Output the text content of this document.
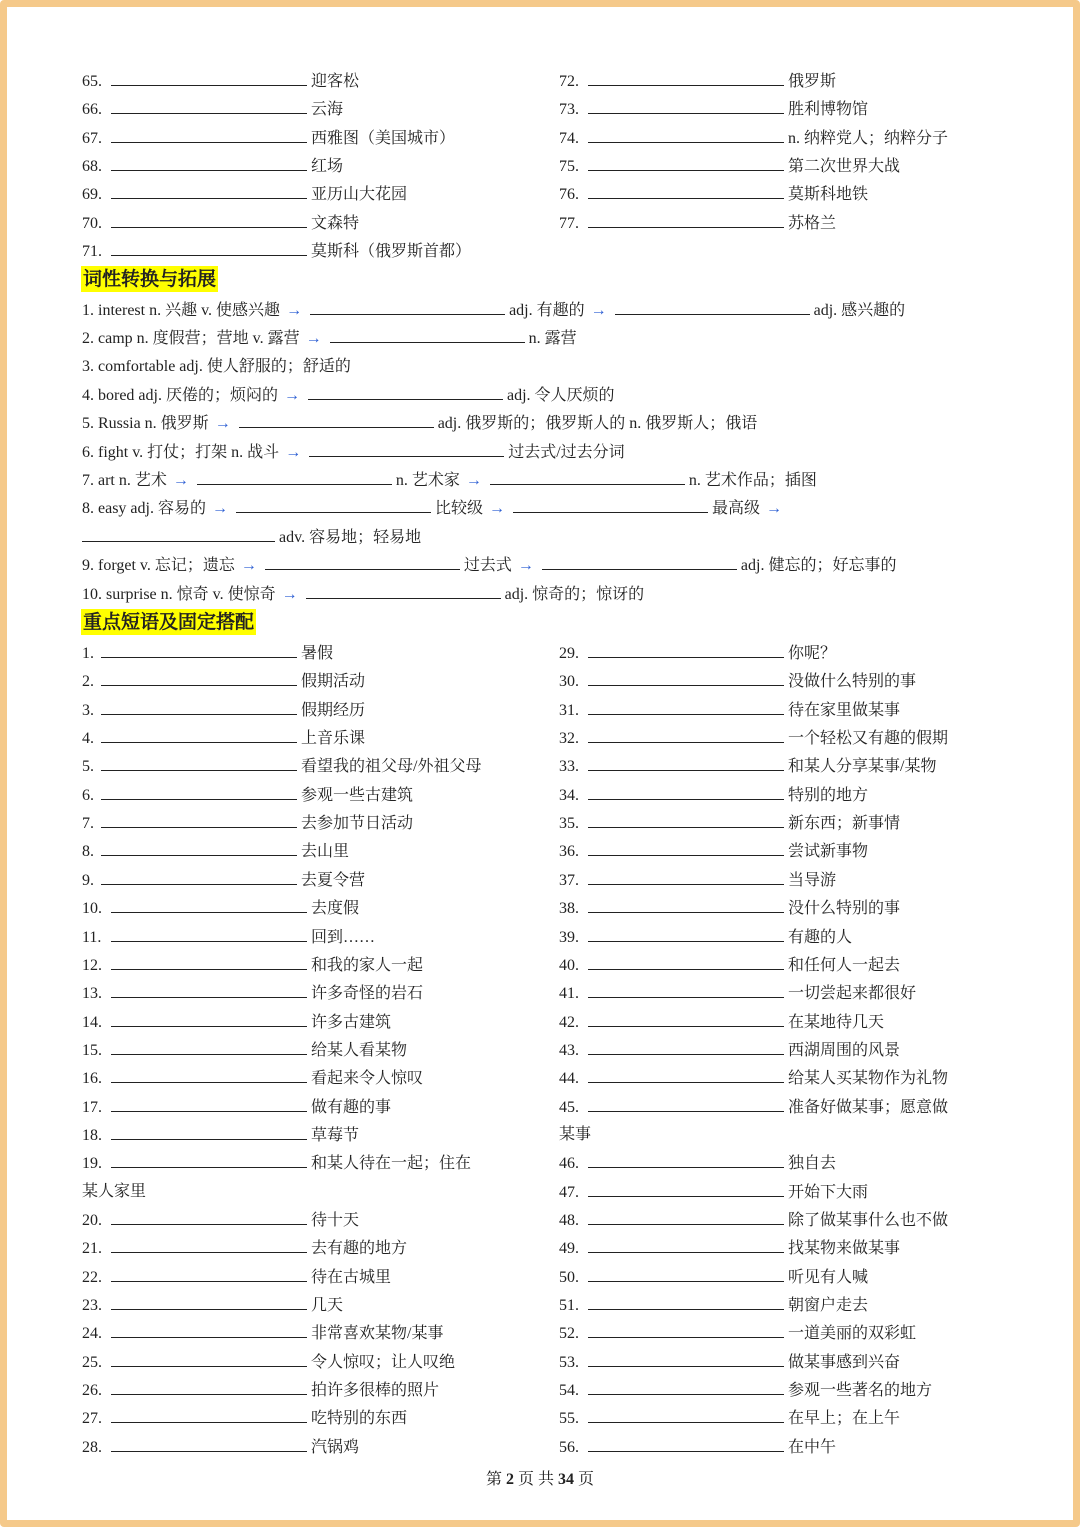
65.	迎客松
66.	云海
67.	西雅图（美国城市）
68.	红场
69.	亚历山大花园
70.	文森特
71.	莫斯科（俄罗斯首都）
72.	俄罗斯
73.	胜利博物馆
74.	n. 纳粹党人；纳粹分子
75.	第二次世界大战
76.	莫斯科地铁
77.	苏格兰
词性转换与拓展
1. interest n. 兴趣 v. 使感兴趣 →	adj. 有趣的 →	adj. 感兴趣的
2. camp n. 度假营；营地 v. 露营 →	n. 露营
3. comfortable adj. 使人舒服的；舒适的
4. bored adj. 厌倦的；烦闷的 →	adj. 令人厌烦的
5. Russia n. 俄罗斯 →	adj. 俄罗斯的；俄罗斯人的 n. 俄罗斯人；俄语
6. fight v. 打仗；打架 n. 战斗 →	过去式/过去分词
7. art n. 艺术 →	n. 艺术家 →	n. 艺术作品；插图
8. easy adj. 容易的 →	比较级 →	最高级 →
adv. 容易地；轻易地
9. forget v. 忘记；遗忘 →	过去式 →	adj. 健忘的；好忘事的
10. surprise n. 惊奇 v. 使惊奇 →	adj. 惊奇的；惊讶的
重点短语及固定搭配
1.	暑假
2.	假期活动
3.	假期经历
4.	上音乐课
5.	看望我的祖父母/外祖父母
6.	参观一些古建筑
7.	去参加节日活动
8.	去山里
9.	去夏令营
10.	去度假
11.	回到……
12.	和我的家人一起
13.	许多奇怪的岩石
14.	许多古建筑
15.	给某人看某物
16.	看起来令人惊叹
17.	做有趣的事
18.	草莓节
19.	和某人待在一起；住在
某人家里
20.	待十天
21.	去有趣的地方
22.	待在古城里
23.	几天
24.	非常喜欢某物/某事
25.	令人惊叹；让人叹绝
26.	拍许多很棒的照片
27.	吃特别的东西
28.	汽锅鸡
29.	你呢？
30.	没做什么特别的事
31.	待在家里做某事
32.	一个轻松又有趣的假期
33.	和某人分享某事/某物
34.	特别的地方
35.	新东西；新事情
36.	尝试新事物
37.	当导游
38.	没什么特别的事
39.	有趣的人
40.	和任何人一起去
41.	一切尝起来都很好
42.	在某地待几天
43.	西湖周围的风景
44.	给某人买某物作为礼物
45.	准备好做某事；愿意做
某事
46.	独自去
47.	开始下大雨
48.	除了做某事什么也不做
49.	找某物来做某事
50.	听见有人喊
51.	朝窗户走去
52.	一道美丽的双彩虹
53.	做某事感到兴奋
54.	参观一些著名的地方
55.	在早上；在上午
56.	在中午
第 2 页 共 34 页
